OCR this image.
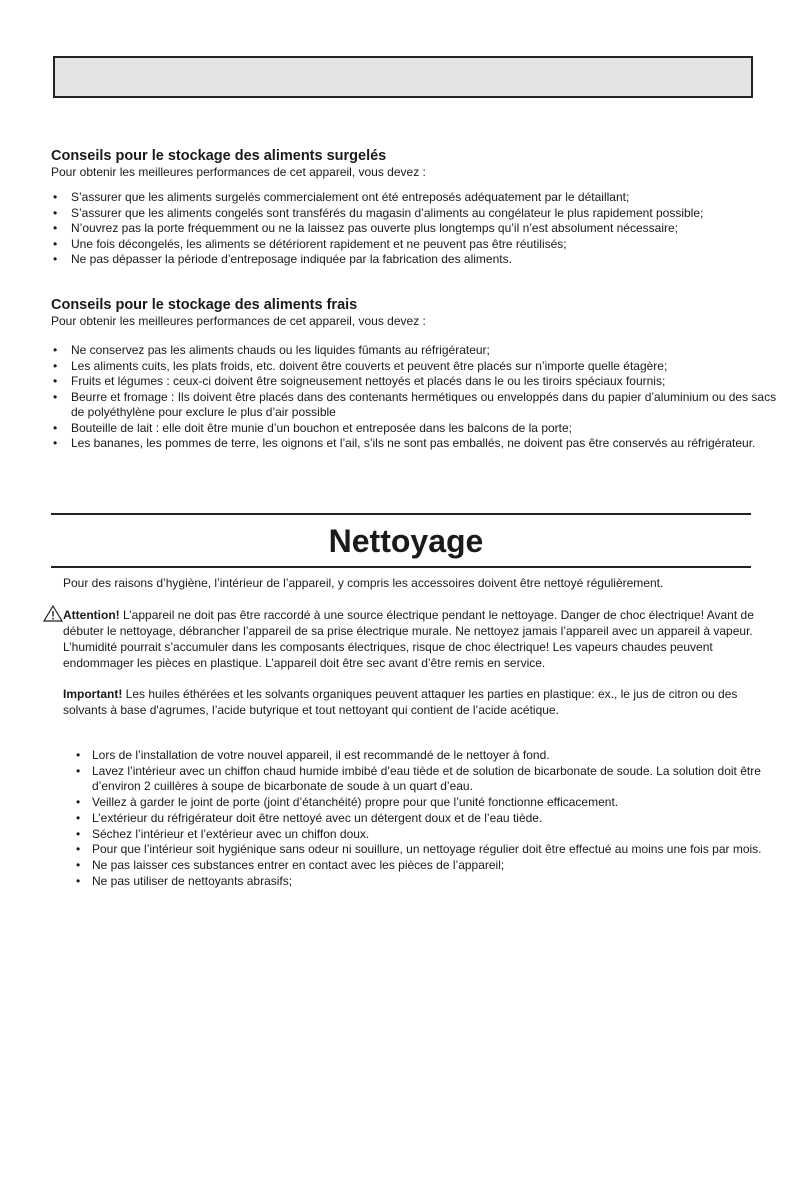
Conseils pour le stockage des aliments surgelés

Pour obtenir les meilleures performances de cet appareil, vous devez :

• S’assurer que les aliments surgelés commercialement ont été entreposés adéquatement par le détaillant;
• S’assurer que les aliments congelés sont transférés du magasin d’aliments au congélateur le plus rapidement possible;
• N’ouvrez pas la porte fréquemment ou ne la laissez pas ouverte plus longtemps qu’il n’est absolument nécessaire;
• Une fois décongelés, les aliments se détériorent rapidement et ne peuvent pas être réutilisés;
• Ne pas dépasser la période d’entreposage indiquée par la fabrication des aliments.
Conseils pour le stockage des aliments frais

Pour obtenir les meilleures performances de cet appareil, vous devez :

• Ne conservez pas les aliments chauds ou les liquides fûmants au réfrigérateur;
• Les aliments cuits, les plats froids, etc. doivent être couverts et peuvent être placés sur n’importe quelle étagère;
• Fruits et légumes : ceux-ci doivent être soigneusement nettoyés et placés dans le ou les tiroirs spéciaux fournis;
• Beurre et fromage : Ils doivent être placés dans des contenants hermétiques ou enveloppés dans du papier d’aluminium ou des sacs de polyéthylène pour exclure le plus d’air possible
• Bouteille de lait : elle doit être munie d’un bouchon et entreposée dans les balcons de la porte;
• Les bananes, les pommes de terre, les oignons et l’ail, s’ils ne sont pas emballés, ne doivent pas être conservés au réfrigérateur.
Nettoyage

Pour des raisons d’hygiène, l’intérieur de l’appareil, y compris les accessoires doivent être nettoyé régulièrement.

Attention! L’appareil ne doit pas être raccordé à une source électrique pendant le nettoyage. Danger de choc électrique! Avant de débuter le nettoyage, débrancher l’appareil de sa prise électrique murale. Ne nettoyez jamais l’appareil avec un appareil à vapeur. L’humidité pourrait s’accumuler dans les composants électriques, risque de choc électrique! Les vapeurs chaudes peuvent endommager les pièces en plastique. L’appareil doit être sec avant d’être remis en service.

Important! Les huiles éthérées et les solvants organiques peuvent attaquer les parties en plastique: ex., le jus de citron ou des solvants à base d'agrumes, l’acide butyrique et tout nettoyant qui contient de l’acide acétique.

• Lors de l’installation de votre nouvel appareil, il est recommandé de le nettoyer à fond.
• Lavez l’intérieur avec un chiffon chaud humide imbibé d’eau tiède et de solution de bicarbonate de soude. La solution doit être d’environ 2 cuillères à soupe de bicarbonate de soude à un quart d’eau.
• Veillez à garder le joint de porte (joint d’étanchéité) propre pour que l’unité fonctionne efficacement.
• L’extérieur du réfrigérateur doit être nettoyé avec un détergent doux et de l’eau tiède.
• Séchez l’intérieur et l’extérieur avec un chiffon doux.
• Pour que l’intérieur soit hygiénique sans odeur ni souillure, un nettoyage régulier doit être effectué au moins une fois par mois.
• Ne pas laisser ces substances entrer en contact avec les pièces de l’appareil;
• Ne pas utiliser de nettoyants abrasifs;
